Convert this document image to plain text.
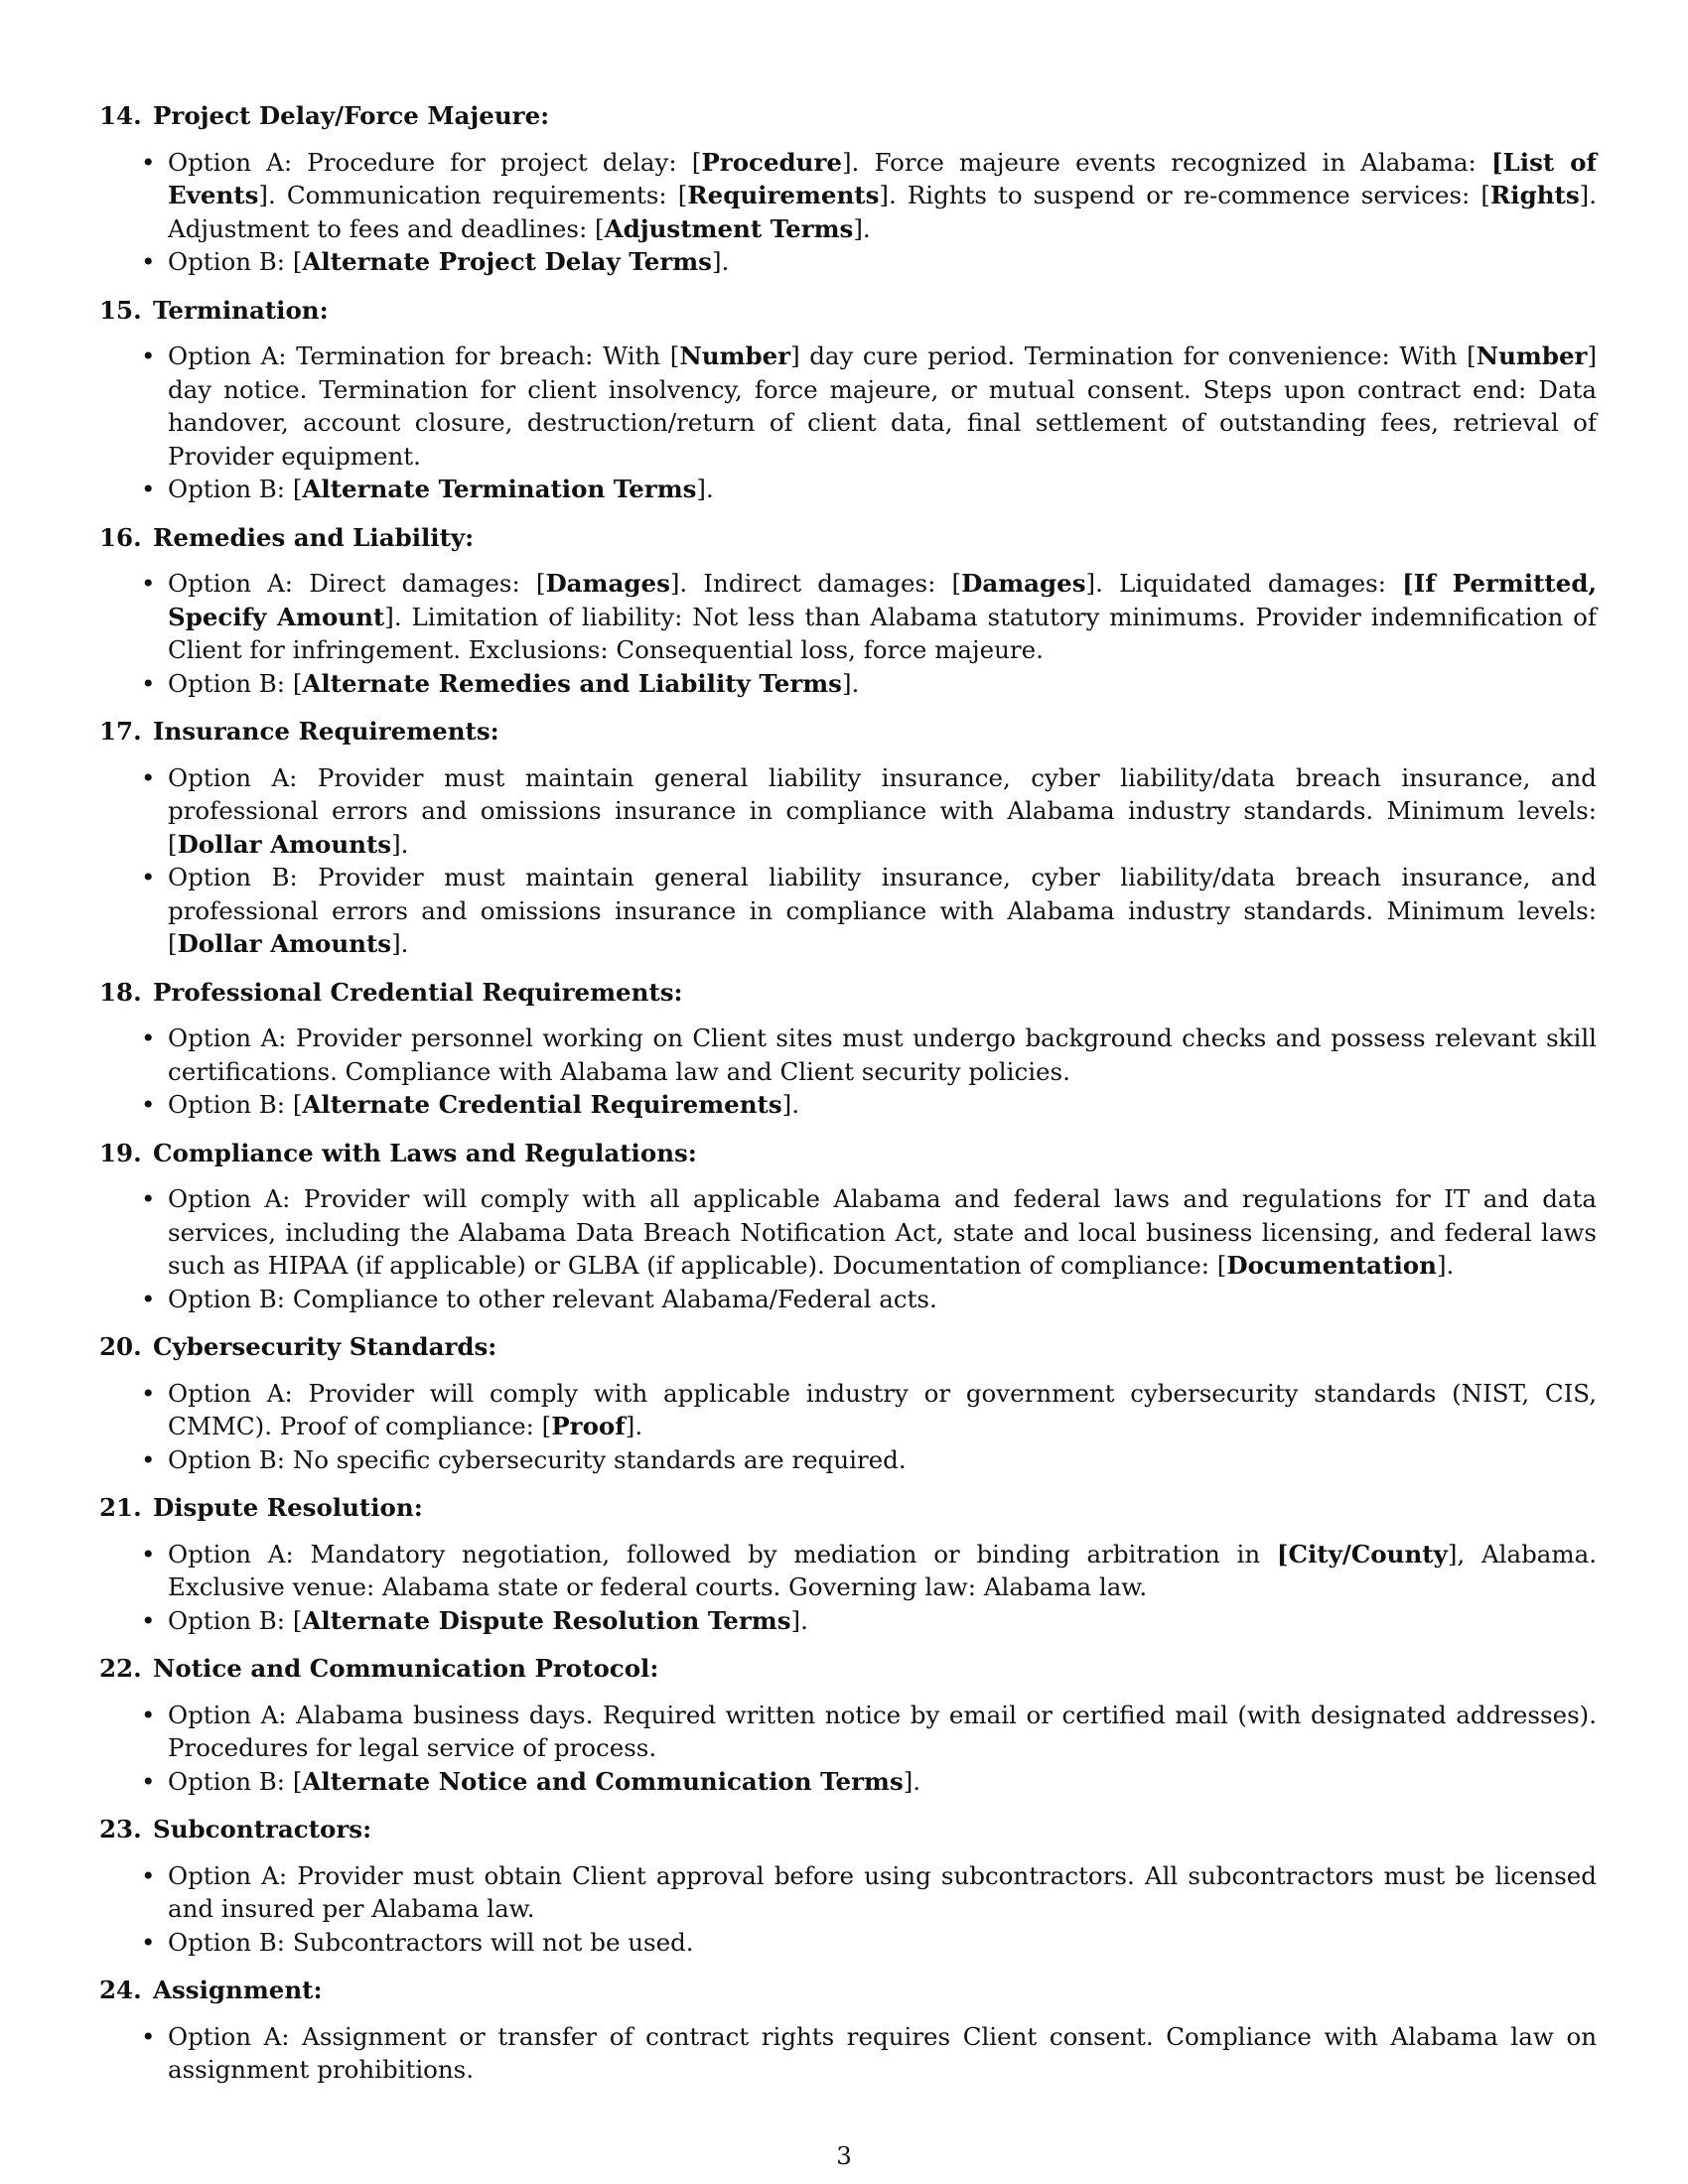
14. Project Delay/Force Majeure:
• Option A: Procedure for project delay: [Procedure]. Force majeure events recognized in Alabama: [List of Events]. Communication requirements: [Requirements]. Rights to suspend or re-commence services: [Rights]. Adjustment to fees and deadlines: [Adjustment Terms].
• Option B: [Alternate Project Delay Terms].
15. Termination:
• Option A: Termination for breach: With [Number] day cure period. Termination for convenience: With [Number] day notice. Termination for client insolvency, force majeure, or mutual consent. Steps upon contract end: Data handover, account closure, destruction/return of client data, final settlement of outstanding fees, retrieval of Provider equipment.
• Option B: [Alternate Termination Terms].
16. Remedies and Liability:
• Option A: Direct damages: [Damages]. Indirect damages: [Damages]. Liquidated damages: [If Permitted, Specify Amount]. Limitation of liability: Not less than Alabama statutory minimums. Provider indemnification of Client for infringement. Exclusions: Consequential loss, force majeure.
• Option B: [Alternate Remedies and Liability Terms].
17. Insurance Requirements:
• Option A: Provider must maintain general liability insurance, cyber liability/data breach insurance, and professional errors and omissions insurance in compliance with Alabama industry standards. Minimum levels: [Dollar Amounts].
• Option B: Provider must maintain general liability insurance, cyber liability/data breach insurance, and professional errors and omissions insurance in compliance with Alabama industry standards. Minimum levels: [Dollar Amounts].
18. Professional Credential Requirements:
• Option A: Provider personnel working on Client sites must undergo background checks and possess relevant skill certifications. Compliance with Alabama law and Client security policies.
• Option B: [Alternate Credential Requirements].
19. Compliance with Laws and Regulations:
• Option A: Provider will comply with all applicable Alabama and federal laws and regulations for IT and data services, including the Alabama Data Breach Notification Act, state and local business licensing, and federal laws such as HIPAA (if applicable) or GLBA (if applicable). Documentation of compliance: [Documentation].
• Option B: Compliance to other relevant Alabama/Federal acts.
20. Cybersecurity Standards:
• Option A: Provider will comply with applicable industry or government cybersecurity standards (NIST, CIS, CMMC). Proof of compliance: [Proof].
• Option B: No specific cybersecurity standards are required.
21. Dispute Resolution:
• Option A: Mandatory negotiation, followed by mediation or binding arbitration in [City/County], Alabama. Exclusive venue: Alabama state or federal courts. Governing law: Alabama law.
• Option B: [Alternate Dispute Resolution Terms].
22. Notice and Communication Protocol:
• Option A: Alabama business days. Required written notice by email or certified mail (with designated addresses). Procedures for legal service of process.
• Option B: [Alternate Notice and Communication Terms].
23. Subcontractors:
• Option A: Provider must obtain Client approval before using subcontractors. All subcontractors must be licensed and insured per Alabama law.
• Option B: Subcontractors will not be used.
24. Assignment:
• Option A: Assignment or transfer of contract rights requires Client consent. Compliance with Alabama law on assignment prohibitions.
3
